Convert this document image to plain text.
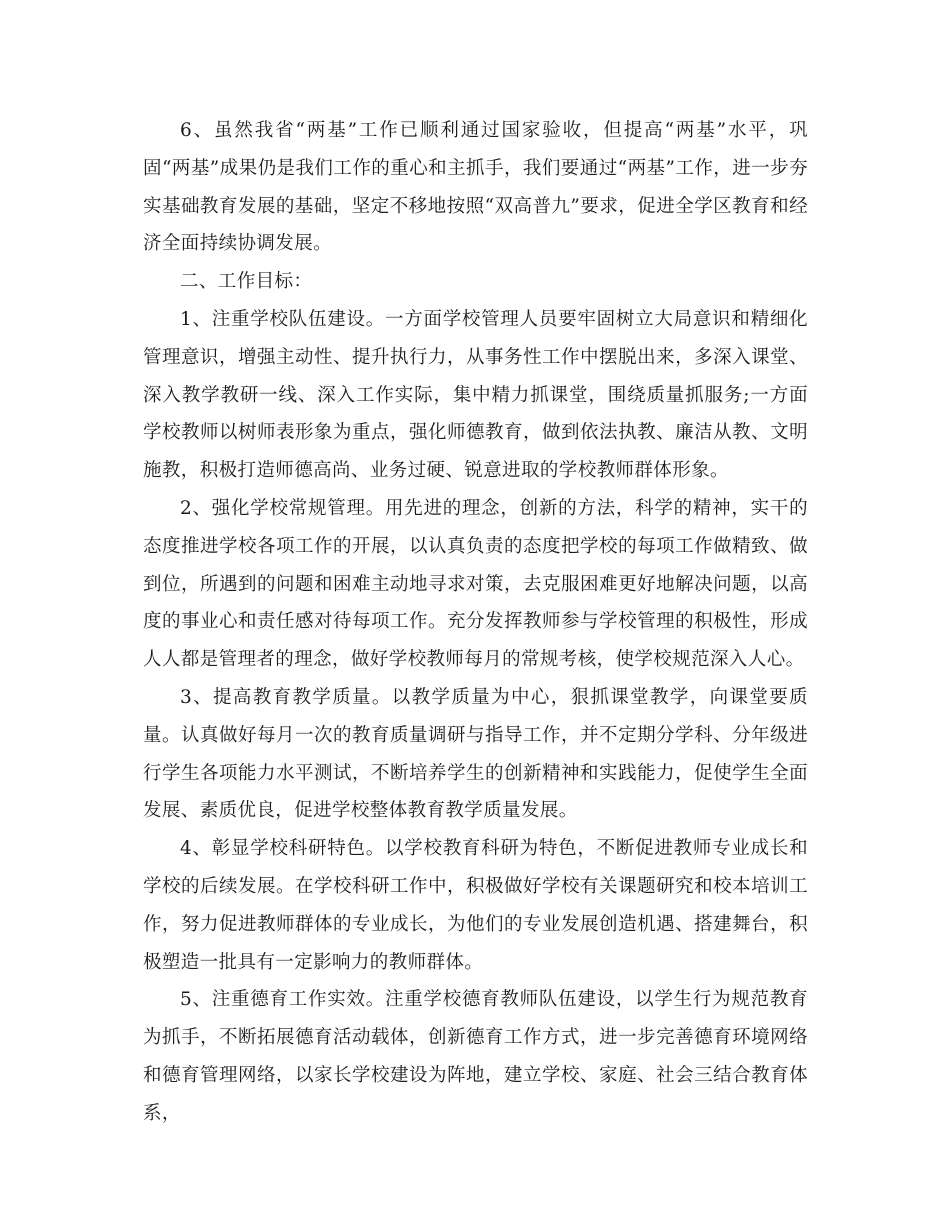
6、虽然我省“两基”工作已顺利通过国家验收，但提高“两基”水平，巩固“两基”成果仍是我们工作的重心和主抓手，我们要通过“两基”工作，进一步夯实基础教育发展的基础，坚定不移地按照“双高普九”要求，促进全学区教育和经济全面持续协调发展。

二、工作目标：

1、注重学校队伍建设。一方面学校管理人员要牢固树立大局意识和精细化管理意识，增强主动性、提升执行力，从事务性工作中摆脱出来，多深入课堂、深入教学教研一线、深入工作实际，集中精力抓课堂，围绕质量抓服务;一方面学校教师以树师表形象为重点，强化师德教育，做到依法执教、廉洁从教、文明施教，积极打造师德高尚、业务过硬、锐意进取的学校教师群体形象。

2、强化学校常规管理。用先进的理念，创新的方法，科学的精神，实干的态度推进学校各项工作的开展，以认真负责的态度把学校的每项工作做精致、做到位，所遇到的问题和困难主动地寻求对策，去克服困难更好地解决问题，以高度的事业心和责任感对待每项工作。充分发挥教师参与学校管理的积极性，形成人人都是管理者的理念，做好学校教师每月的常规考核，使学校规范深入人心。

3、提高教育教学质量。以教学质量为中心，狠抓课堂教学，向课堂要质量。认真做好每月一次的教育质量调研与指导工作，并不定期分学科、分年级进行学生各项能力水平测试，不断培养学生的创新精神和实践能力，促使学生全面发展、素质优良，促进学校整体教育教学质量发展。

4、彰显学校科研特色。以学校教育科研为特色，不断促进教师专业成长和学校的后续发展。在学校科研工作中，积极做好学校有关课题研究和校本培训工作，努力促进教师群体的专业成长，为他们的专业发展创造机遇、搭建舞台，积极塑造一批具有一定影响力的教师群体。

5、注重德育工作实效。注重学校德育教师队伍建设，以学生行为规范教育为抓手，不断拓展德育活动载体，创新德育工作方式，进一步完善德育环境网络和德育管理网络，以家长学校建设为阵地，建立学校、家庭、社会三结合教育体系，
